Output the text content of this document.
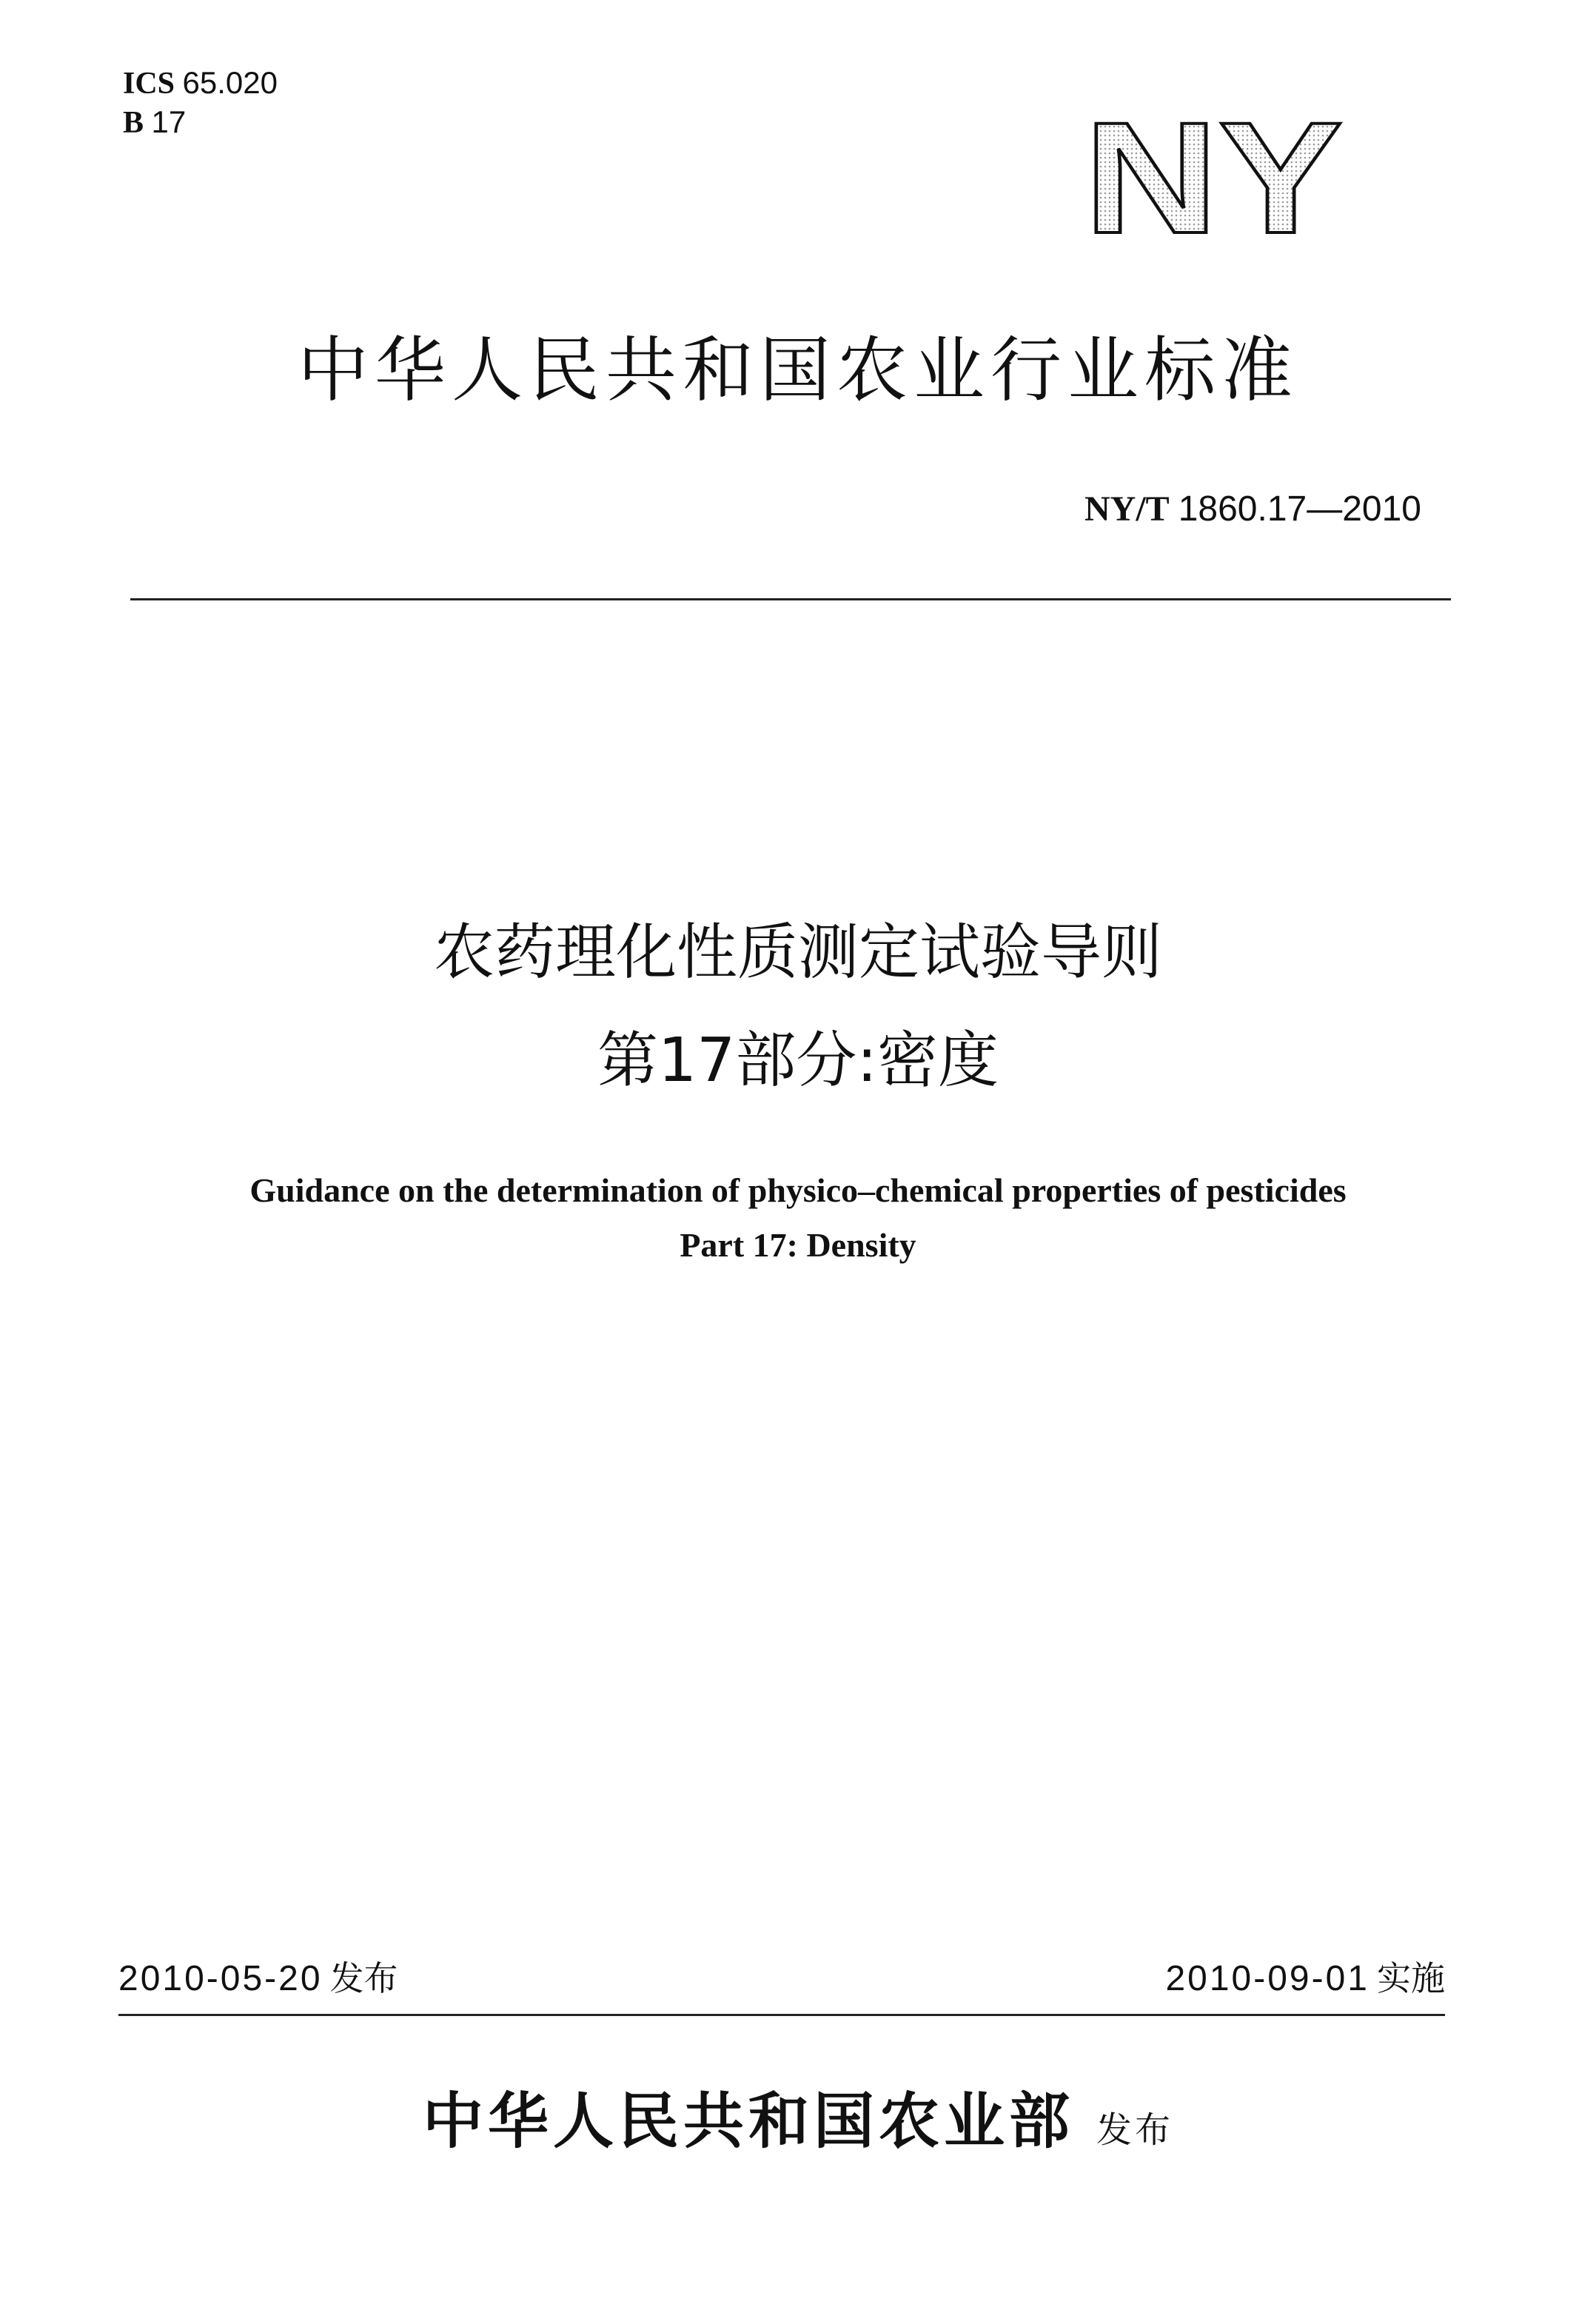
ICS 65.020
B 17	NY
中华人民共和国农业行业标准
NY/T 1860.17—2010
农药理化性质测定试验导则
第17部分:密度
Guidance on the determination of physico–chemical properties of pesticides
Part 17: Density
2010-05-20 发布	2010-09-01 实施
中华人民共和国农业部 发布
